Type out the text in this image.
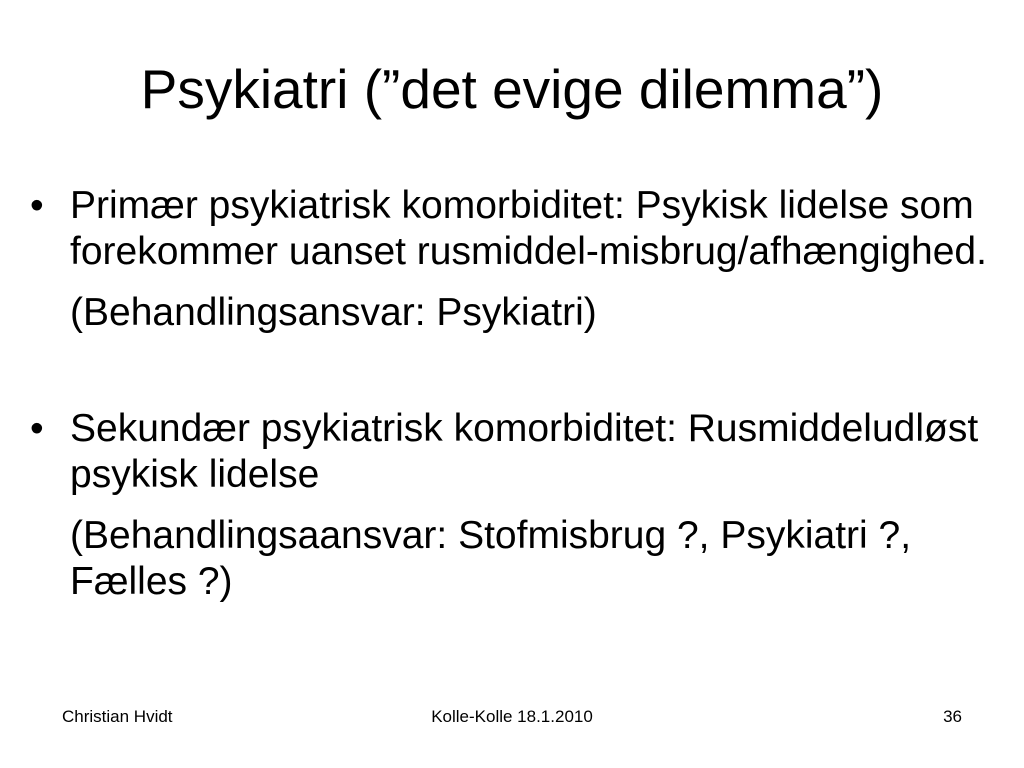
Psykiatri (”det evige dilemma”)
• Primær psykiatrisk komorbiditet: Psykisk lidelse som forekommer uanset rusmiddel-misbrug/afhængighed.
(Behandlingsansvar: Psykiatri)
• Sekundær psykiatrisk komorbiditet: Rusmiddeludløst psykisk lidelse
(Behandlingsaansvar: Stofmisbrug ?, Psykiatri ?, Fælles ?)
Christian Hvidt	Kolle-Kolle 18.1.2010	36
